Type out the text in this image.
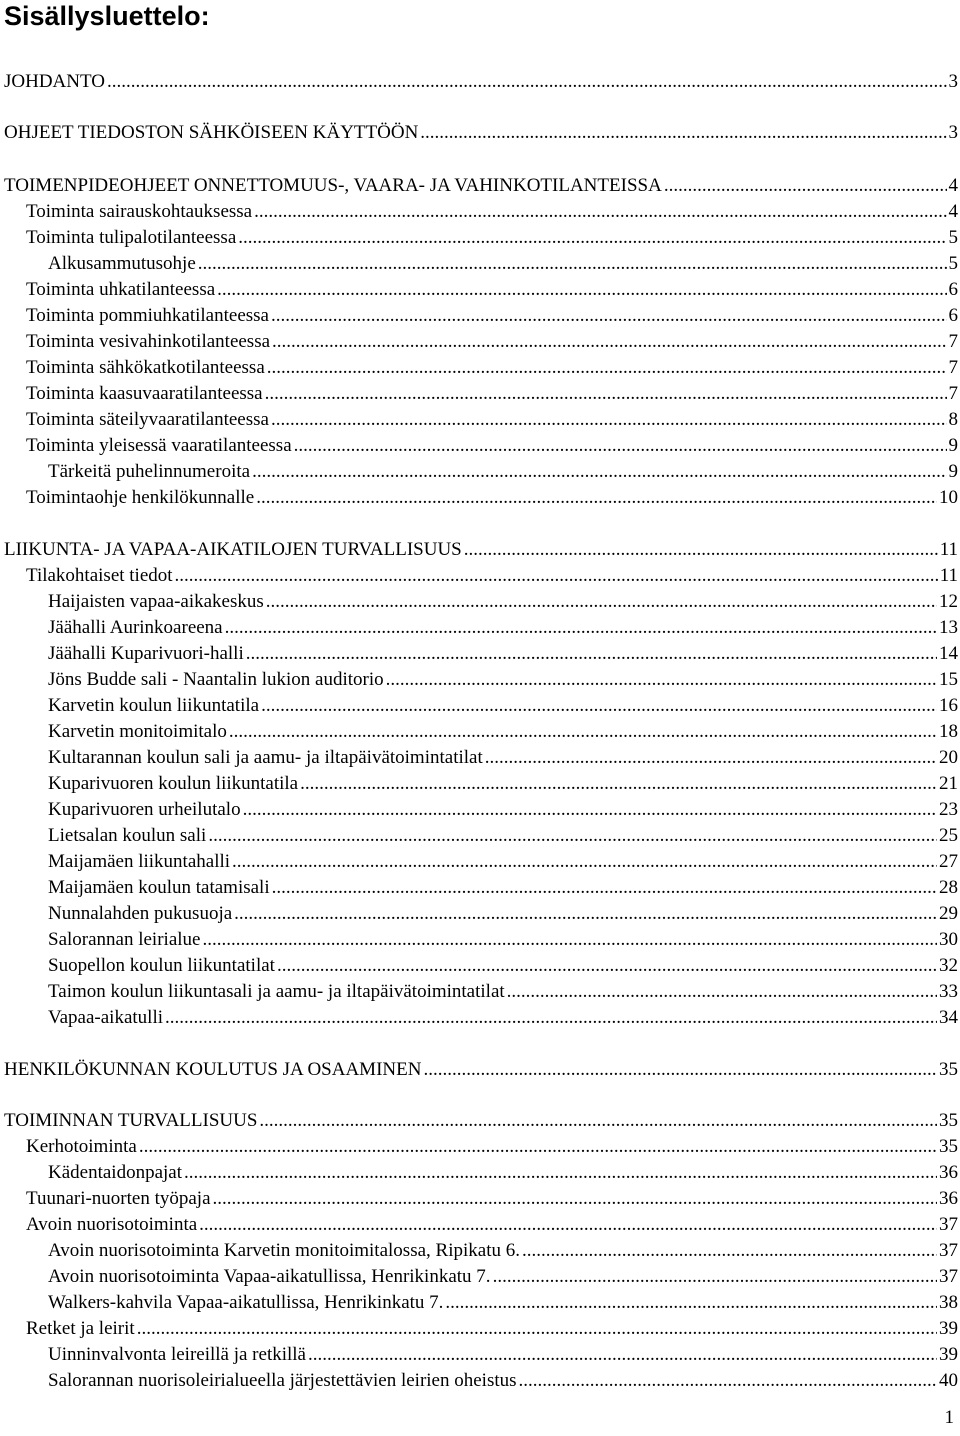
Sisällysluettelo:
JOHDANTO .....	3
OHJEET TIEDOSTON SÄHKÖISEEN KÄYTTÖÖN .....	3
TOIMENPIDEOHJEET ONNETTOMUUS-, VAARA- JA VAHINKOTILANTEISSA .....	4
Toiminta sairauskohtauksessa .....	4
Toiminta tulipalotilanteessa .....	5
Alkusammutusohje .....	5
Toiminta uhkatilanteessa .....	6
Toiminta pommiuhkatilanteessa .....	6
Toiminta vesivahinkotilanteessa .....	7
Toiminta sähkökatkotilanteessa .....	7
Toiminta kaasuvaaratilanteessa .....	7
Toiminta säteilyvaaratilanteessa .....	8
Toiminta yleisessä vaaratilanteessa .....	9
Tärkeitä puhelinnumeroita .....	9
Toimintaohje henkilökunnalle .....	10
LIIKUNTA- JA VAPAA-AIKATILOJEN TURVALLISUUS .....	11
Tilakohtaiset tiedot .....	11
Haijaisten vapaa-aikakeskus .....	12
Jäähalli Aurinkoareena .....	13
Jäähalli Kuparivuori-halli .....	14
Jöns Budde sali - Naantalin lukion auditorio .....	15
Karvetin koulun liikuntatila .....	16
Karvetin monitoimitalo .....	18
Kultarannan koulun sali ja aamu- ja iltapäivätoimintatilat .....	20
Kuparivuoren koulun liikuntatila .....	21
Kuparivuoren urheilutalo .....	23
Lietsalan koulun sali .....	25
Maijamäen liikuntahalli .....	27
Maijamäen koulun tatamisali .....	28
Nunnalahden pukusuoja .....	29
Salorannan leirialue .....	30
Suopellon koulun liikuntatilat .....	32
Taimon koulun liikuntasali ja aamu- ja iltapäivätoimintatilat .....	33
Vapaa-aikatulli .....	34
HENKILÖKUNNAN KOULUTUS JA OSAAMINEN .....	35
TOIMINNAN TURVALLISUUS .....	35
Kerhotoiminta .....	35
Kädentaidonpajat .....	36
Tuunari-nuorten työpaja .....	36
Avoin nuorisotoiminta .....	37
Avoin nuorisotoiminta Karvetin monitoimitalossa, Ripikatu 6. .....	37
Avoin nuorisotoiminta Vapaa-aikatullissa, Henrikinkatu 7. .....	37
Walkers-kahvila Vapaa-aikatullissa, Henrikinkatu 7. .....	38
Retket ja leirit .....	39
Uinninvalvonta leireillä ja retkillä .....	39
Salorannan nuorisoleirialueella järjestettävien leirien oheistus .....	40
1
